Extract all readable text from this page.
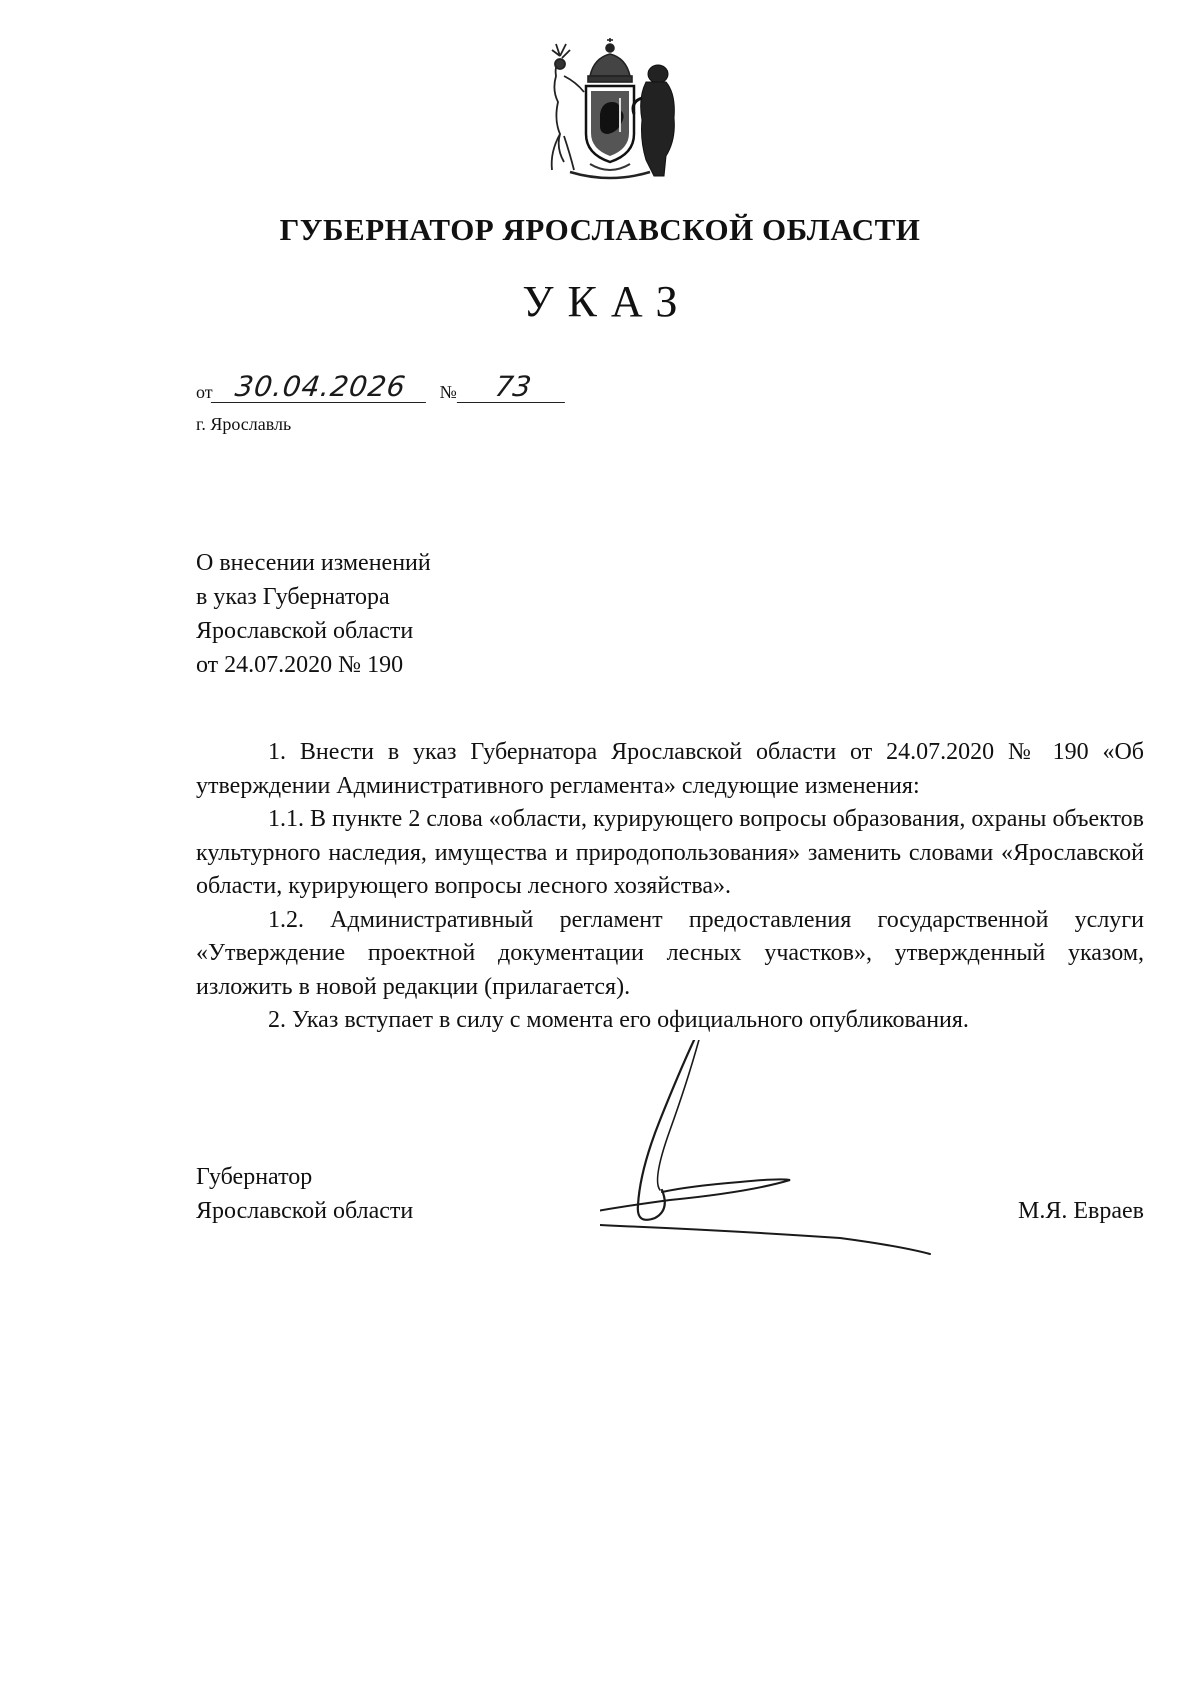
ГУБЕРНАТОР ЯРОСЛАВСКОЙ ОБЛАСТИ
УКАЗ
от 30.04.2026 № 73
г. Ярославль
О внесении изменений
в указ Губернатора
Ярославской области
от 24.07.2020 № 190

1. Внести в указ Губернатора Ярославской области от 24.07.2020 № 190 «Об утверждении Административного регламента» следующие изменения:

1.1. В пункте 2 слова «области, курирующего вопросы образования, охраны объектов культурного наследия, имущества и природопользования» заменить словами «Ярославской области, курирующего вопросы лесного хозяйства».

1.2. Административный регламент предоставления государственной услуги «Утверждение проектной документации лесных участков», утвержденный указом, изложить в новой редакции (прилагается).

2. Указ вступает в силу с момента его официального опубликования.

Губернатор
Ярославской области	М.Я. Евраев
